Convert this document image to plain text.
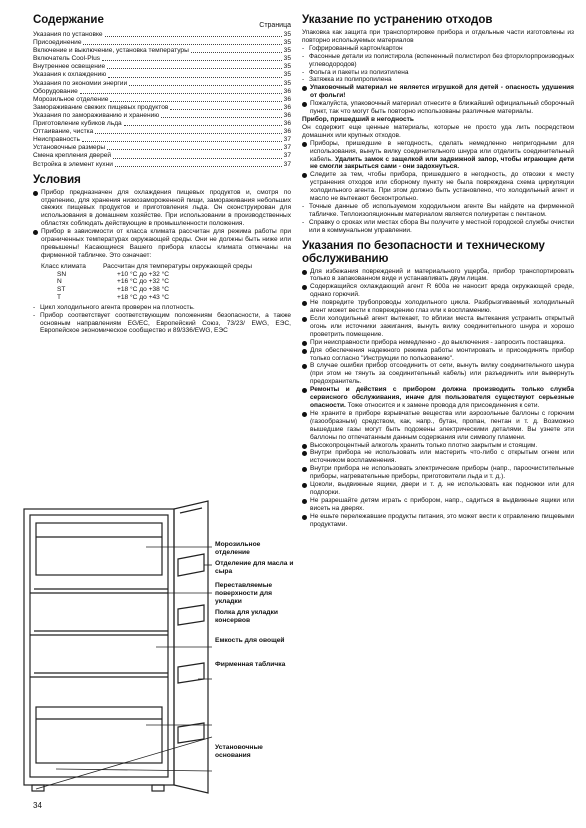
Содержание	Страница
Указания по установке	35
Присоединение	35
Включение и выключение, установка температуры	35
Включатель Cool-Plus	35
Внутреннее освещение	35
Указания к охлаждению	35
Указания по экономии энергии	35
Оборудование	36
Морозильное отделение	36
Замораживание свежих пищевых продуктов	36
Указания по замораживанию и хранению	36
Приготовление кубиков льда	36
Оттаивание, чистка	36
Неисправность	37
Установочные размеры	37
Смена крепления дверей	37
Встройка в элемент кухни	37
Условия
Прибор предназначен для охлаждения пищевых продуктов и, смотря по отделению, для хранения низкозамороженной пищи, замораживания небольших свежих пищевых продуктов и приготовления льда. Он сконструирован для использования в домашнем хозяйстве. При использовании в производственных областях соблюдать действующие в промышленности положения.
Прибор в зависимости от класса климата рассчитан для режима работы при ограниченных температурах окружающей среды. Они не должны быть ниже или превышены! Касающиеся Вашего прибора классы климата отмечаны на фирменной табличке. Это означает:
Класс климата	Рассчитан для температуры окружающей среды
SN	+10 °C до +32 °C
N	+16 °C до +32 °C
ST	+18 °C до +38 °C
T	+18 °C до +43 °C
- Цикл холодильного агента проверен на плотность.
- Прибор соответствует соответствующим положениям безопасности, а также основным направлениям EG/EC, Европейский Союз, 73/23/ EWG, ЕЭС, Европейское экономическое сообщество и 89/336/EWG, ЕЭС
Морозильное отделение
Отделение для масла и сыра
Переставляемые поверхности для укладки
Полка для укладки консервов
Емкость для овощей
Фирменная табличка
Установочные основания
Указание по устранению отходов

Упаковка как защита при транспортировке прибора и отдельные части изготовлены из повторно используемых материалов

- Гофрированный картон/картон
- Фасонные детали из полистирола (вспененный полистирол без фторхлорпроизводных углеводородов)
- Фольга и пакеты из полиэтилена
- Затяжка из полипропилена
Упаковочный материал не является игрушкой для детей - опасность удушения от фольги!
Пожалуйста, упаковочный материал отнесите в ближайший официальный сборочный пункт, так что могут быть повторно использованы различные материалы.

Прибор, пришедший в негодность

Он содержит еще ценные материалы, которые не просто уда лить посредством домашних или крупных отходов.

Приборы, пришедшие в негодность, сделать немедленно непригодными для использования, вынуть вилку соединительного шнура или отделить соединительный кабель. Удалить замок с защелкой или задвижной запор, чтобы играющие дети не смогли закрыться сами - они задохнуться.
Следите за тем, чтобы прибора, пришедшего в негодность, до отвозки к месту устранения отходов или сборному пункту не была повреждена схема циркуляции холодильного агента. При этом должно быть установлено, что холодильный агент и масло не вытекают бесконтрольно.
- Точные данные об используемом хододильном агенте Вы найдете на фирменной табличке. Теплоизоляционным материалом является полиуретан с пентаном.
- Справку о сроках или местах сбора Вы получите у местной городской службы очистки или в коммунальном управлении.
Указания по безопасности и техническому обслуживанию
Для избежания повреждений и материального ущерба, прибор транспортировать только в запакованном виде и устанавливать двум лицам.
Содержащийся охлаждающий агент R 600a не наносит вреда окружающей среде, однако горючий.
Не повредите трубопроводы холодильного цикла. Разбрызгиваемый холодильный агент может вести к повреждению глаз или к воспламению.
Если холодильный агент вытекает, то вблизи места вытекания устранить открытый огонь или источники зажигания, вынуть вилку соединительного шнура и хорошо проветрить помещение.
При неисправности прибора немедленно - до выключения - запросить поставщика.
Для обеспечения надежного режима работы монтировать и присоединять прибор только согласно "Инструкции по пользованию".
В случае ошибки прибор отсоединить от сети, вынуть вилку соединительного шнура (при этом не тянуть за соединительный кабель) или разъединить или вывернуть предохранитель.
Ремонты и действия с прибором должна производить только служба сервисного обслуживания, иначе для пользователя существуют серьезные опасности. Тоже относится и к замене провода для присоединения к сети.
Не храните в приборе взрывчатые вещества или аэрозольные баллоны с горючим (газообразным) средством, как, напр., бутан, пропан, пентан и т. д. Возможно вышедшие газы могут быть подожены электрическими деталями. Вы узнете эти баллоны по отпечатанным данным содержания или символу пламени.
Высокопроцентный алкоголь хранить только плотно закрытым и стоящим.
Внутри прибора не использовать или мастерить что-либо с открытым огнем или источником воспламенения.
Внутри прибора не использовать электрические приборы (напр., пароочистительные приборы, нагревательные приборы, приготовители льда и т. д.).
Цоколи, выдвижные ящики, двери и т. д. не использовать как подножки или для подпорки.
Не разрешайте детям играть с прибором, напр., садиться в выдвижные ящики или висеть на дверях.
Не ешьте перележавшие продукты питания, это может вести к отравлению пищевыми продуктами.
34
